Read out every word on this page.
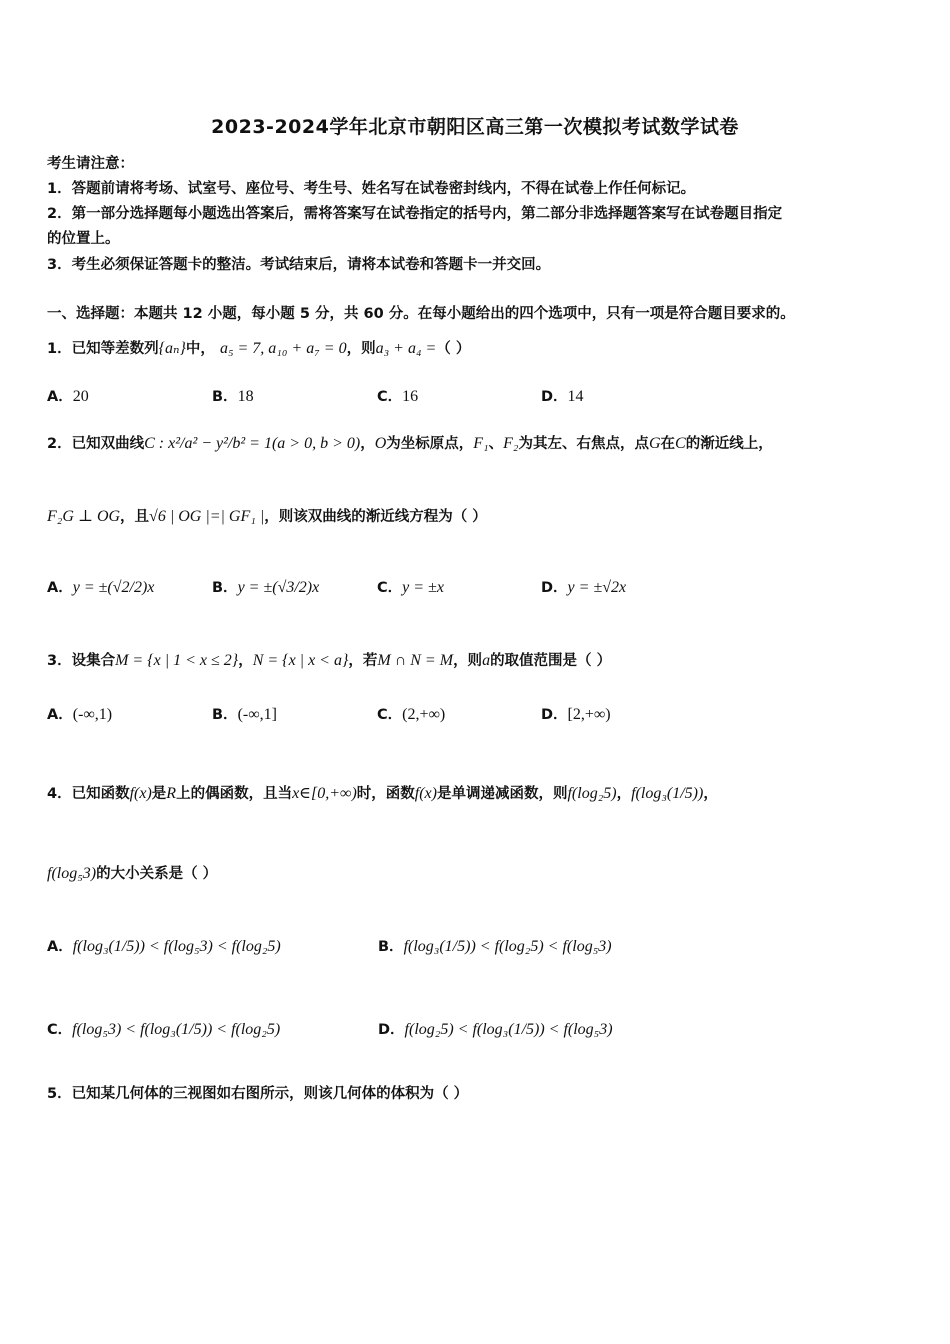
2023-2024学年北京市朝阳区高三第一次模拟考试数学试卷
考生请注意：
1．答题前请将考场、试室号、座位号、考生号、姓名写在试卷密封线内，不得在试卷上作任何标记。
2．第一部分选择题每小题选出答案后，需将答案写在试卷指定的括号内，第二部分非选择题答案写在试卷题目指定
的位置上。
3．考生必须保证答题卡的整洁。考试结束后，请将本试卷和答题卡一并交回。
一、选择题：本题共 12 小题，每小题 5 分，共 60 分。在每小题给出的四个选项中，只有一项是符合题目要求的。
1．已知等差数列{aₙ}中， a₅ = 7, a₁₀ + a₇ = 0，则a₃ + a₄ =（ ）
A．20	B．18	C．16	D．14
2．已知双曲线C : x²/a² − y²/b² = 1(a > 0, b > 0)，O为坐标原点，F₁、F₂为其左、右焦点，点G在C的渐近线上，
F₂G ⊥ OG，且√6 | OG |=| GF₁ |，则该双曲线的渐近线方程为（ ）
A．y = ±(√2/2)x	B．y = ±(√3/2)x	C．y = ±x	D．y = ±√2x
3．设集合M = {x | 1 < x ≤ 2}，N = {x | x < a}，若M ∩ N = M，则a的取值范围是（ ）
A．(-∞,1)	B．(-∞,1]	C．(2,+∞)	D．[2,+∞)
4．已知函数f(x)是R上的偶函数，且当x∈[0,+∞)时，函数f(x)是单调递减函数，则f(log₂5)，f(log₃(1/5))，
f(log₅3)的大小关系是（ ）
A．f(log₃(1/5)) < f(log₅3) < f(log₂5)	B．f(log₃(1/5)) < f(log₂5) < f(log₅3)
C．f(log₅3) < f(log₃(1/5)) < f(log₂5)	D．f(log₂5) < f(log₃(1/5)) < f(log₅3)
5．已知某几何体的三视图如右图所示，则该几何体的体积为（ ）
